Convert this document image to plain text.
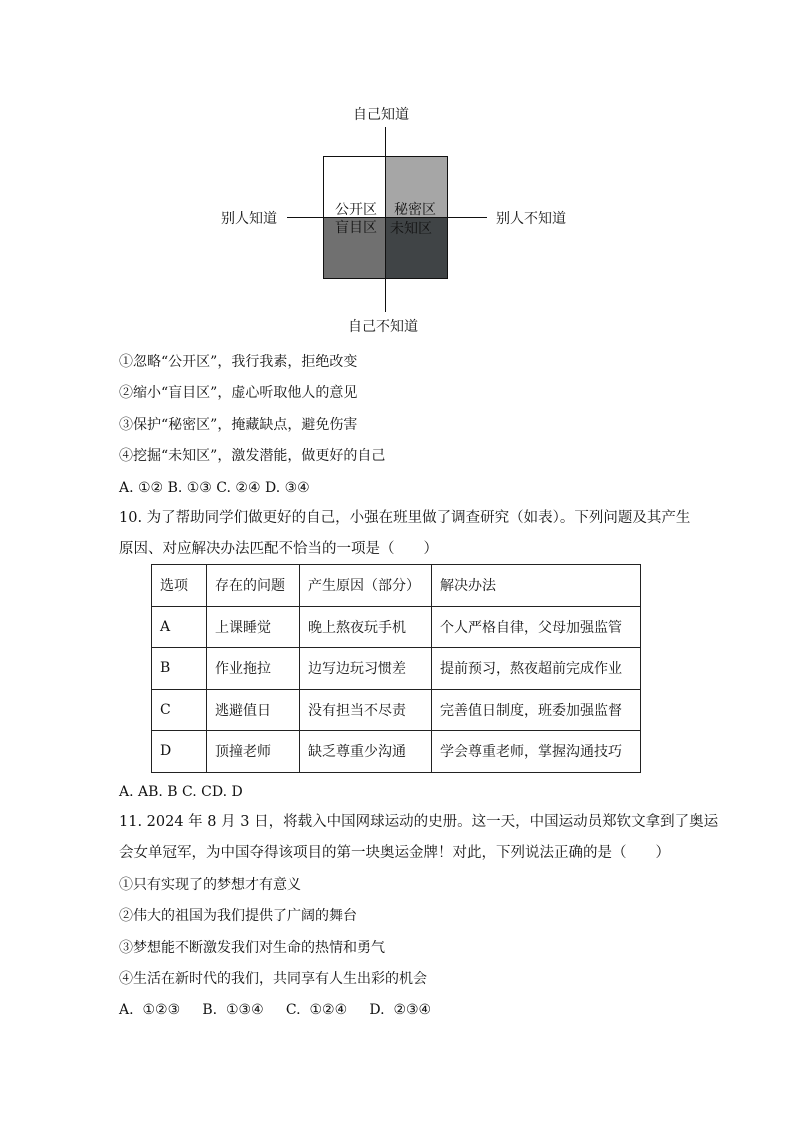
自己知道
自己不知道
别人知道	别人不知道
公开区 秘密区
盲目区 未知区
①忽略“公开区”，我行我素，拒绝改变
②缩小“盲目区”，虚心听取他人的意见
③保护“秘密区”，掩藏缺点，避免伤害
④挖掘“未知区”，激发潜能，做更好的自己
A. ①② B. ①③ C. ②④ D. ③④
10. 为了帮助同学们做更好的自己，小强在班里做了调查研究（如表）。下列问题及其产生
原因、对应解决办法匹配不恰当的一项是（　　）
选项	存在的问题	产生原因（部分）	解决办法
A	上课睡觉	晚上熬夜玩手机	个人严格自律，父母加强监管
B	作业拖拉	边写边玩习惯差	提前预习，熬夜超前完成作业
C	逃避值日	没有担当不尽责	完善值日制度，班委加强监督
D	顶撞老师	缺乏尊重少沟通	学会尊重老师，掌握沟通技巧
A. AB. B C. CD. D
11. 2024 年 8 月 3 日，将载入中国网球运动的史册。这一天，中国运动员郑钦文拿到了奥运
会女单冠军，为中国夺得该项目的第一块奥运金牌！对此，下列说法正确的是（　　）
①只有实现了的梦想才有意义
②伟大的祖国为我们提供了广阔的舞台
③梦想能不断激发我们对生命的热情和勇气
④生活在新时代的我们，共同享有人生出彩的机会
A.  ①②③     B.  ①③④     C.  ①②④     D.  ②③④
